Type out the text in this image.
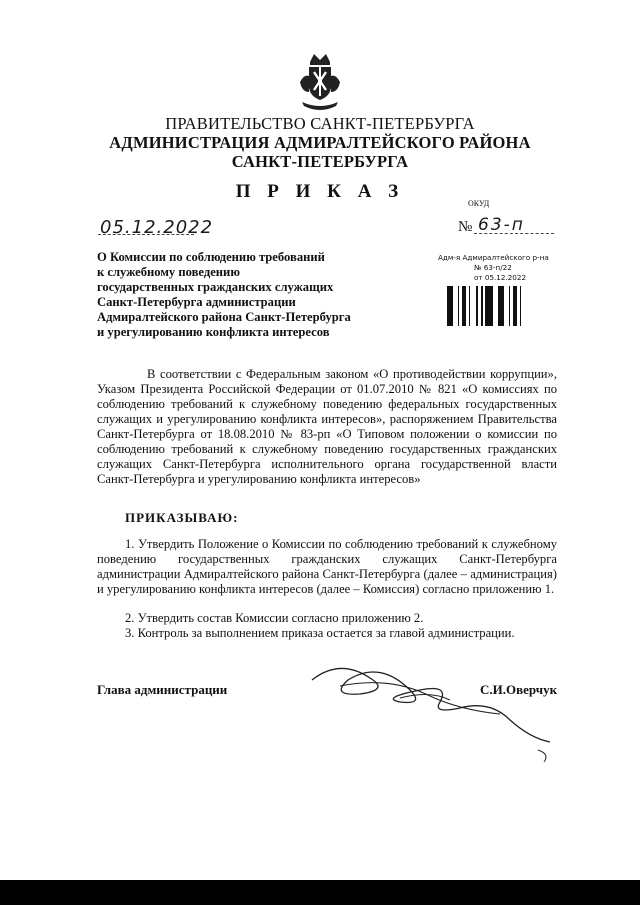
ПРАВИТЕЛЬСТВО САНКТ-ПЕТЕРБУРГА
АДМИНИСТРАЦИЯ АДМИРАЛТЕЙСКОГО РАЙОНА
САНКТ-ПЕТЕРБУРГА
П Р И К А З
ОКУД
05.12.2022	№ 63-п
О Комиссии по соблюдению требований
к служебному поведению
государственных гражданских служащих
Санкт-Петербурга администрации
Адмиралтейского района Санкт-Петербурга
и урегулированию конфликта интересов
Адм-я Адмиралтейского р-на
№ 63-п/22
от 05.12.2022
В соответствии с Федеральным законом «О противодействии коррупции», Указом Президента Российской Федерации от 01.07.2010 № 821 «О комиссиях по соблюдению требований к служебному поведению федеральных государственных служащих и урегулированию конфликта интересов», распоряжением Правительства Санкт-Петербурга от 18.08.2010 № 83-рп «О Типовом положении о комиссии по соблюдению требований к служебному поведению государственных гражданских служащих Санкт-Петербурга исполнительного органа государственной власти Санкт-Петербурга и урегулированию конфликта интересов»
ПРИКАЗЫВАЮ:
1. Утвердить Положение о Комиссии по соблюдению требований к служебному поведению государственных гражданских служащих Санкт-Петербурга администрации Адмиралтейского района Санкт-Петербурга (далее – администрация) и урегулированию конфликта интересов (далее – Комиссия) согласно приложению 1.
2. Утвердить состав Комиссии согласно приложению 2.
3. Контроль за выполнением приказа остается за главой администрации.
Глава администрации	С.И.Оверчук
